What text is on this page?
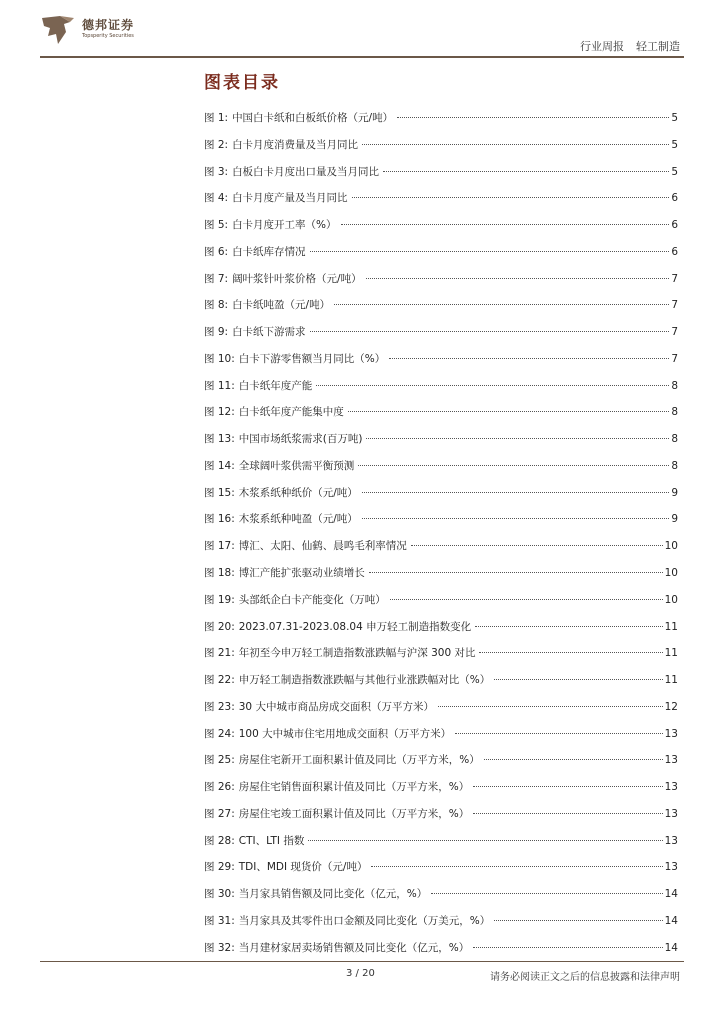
德邦证券
Topsperity Securities
行业周报 轻工制造
图表目录
图 1: 中国白卡纸和白板纸价格（元/吨）	5
图 2: 白卡月度消费量及当月同比	5
图 3: 白板白卡月度出口量及当月同比	5
图 4: 白卡月度产量及当月同比	6
图 5: 白卡月度开工率（%）	6
图 6: 白卡纸库存情况	6
图 7: 阔叶浆针叶浆价格（元/吨）	7
图 8: 白卡纸吨盈（元/吨）	7
图 9: 白卡纸下游需求	7
图 10: 白卡下游零售额当月同比（%）	7
图 11: 白卡纸年度产能	8
图 12: 白卡纸年度产能集中度	8
图 13: 中国市场纸浆需求(百万吨)	8
图 14: 全球阔叶浆供需平衡预测	8
图 15: 木浆系纸种纸价（元/吨）	9
图 16: 木浆系纸种吨盈（元/吨）	9
图 17: 博汇、太阳、仙鹤、晨鸣毛利率情况	10
图 18: 博汇产能扩张驱动业绩增长	10
图 19: 头部纸企白卡产能变化（万吨）	10
图 20: 2023.07.31-2023.08.04 申万轻工制造指数变化	11
图 21: 年初至今申万轻工制造指数涨跌幅与沪深 300 对比	11
图 22: 申万轻工制造指数涨跌幅与其他行业涨跌幅对比（%）	11
图 23: 30 大中城市商品房成交面积（万平方米）	12
图 24: 100 大中城市住宅用地成交面积（万平方米）	13
图 25: 房屋住宅新开工面积累计值及同比（万平方米，%）	13
图 26: 房屋住宅销售面积累计值及同比（万平方米，%）	13
图 27: 房屋住宅竣工面积累计值及同比（万平方米，%）	13
图 28: CTI、LTI 指数	13
图 29: TDI、MDI 现货价（元/吨）	13
图 30: 当月家具销售额及同比变化（亿元，%）	14
图 31: 当月家具及其零件出口金额及同比变化（万美元，%）	14
图 32: 当月建材家居卖场销售额及同比变化（亿元，%）	14
3 / 20	请务必阅读正文之后的信息披露和法律声明
